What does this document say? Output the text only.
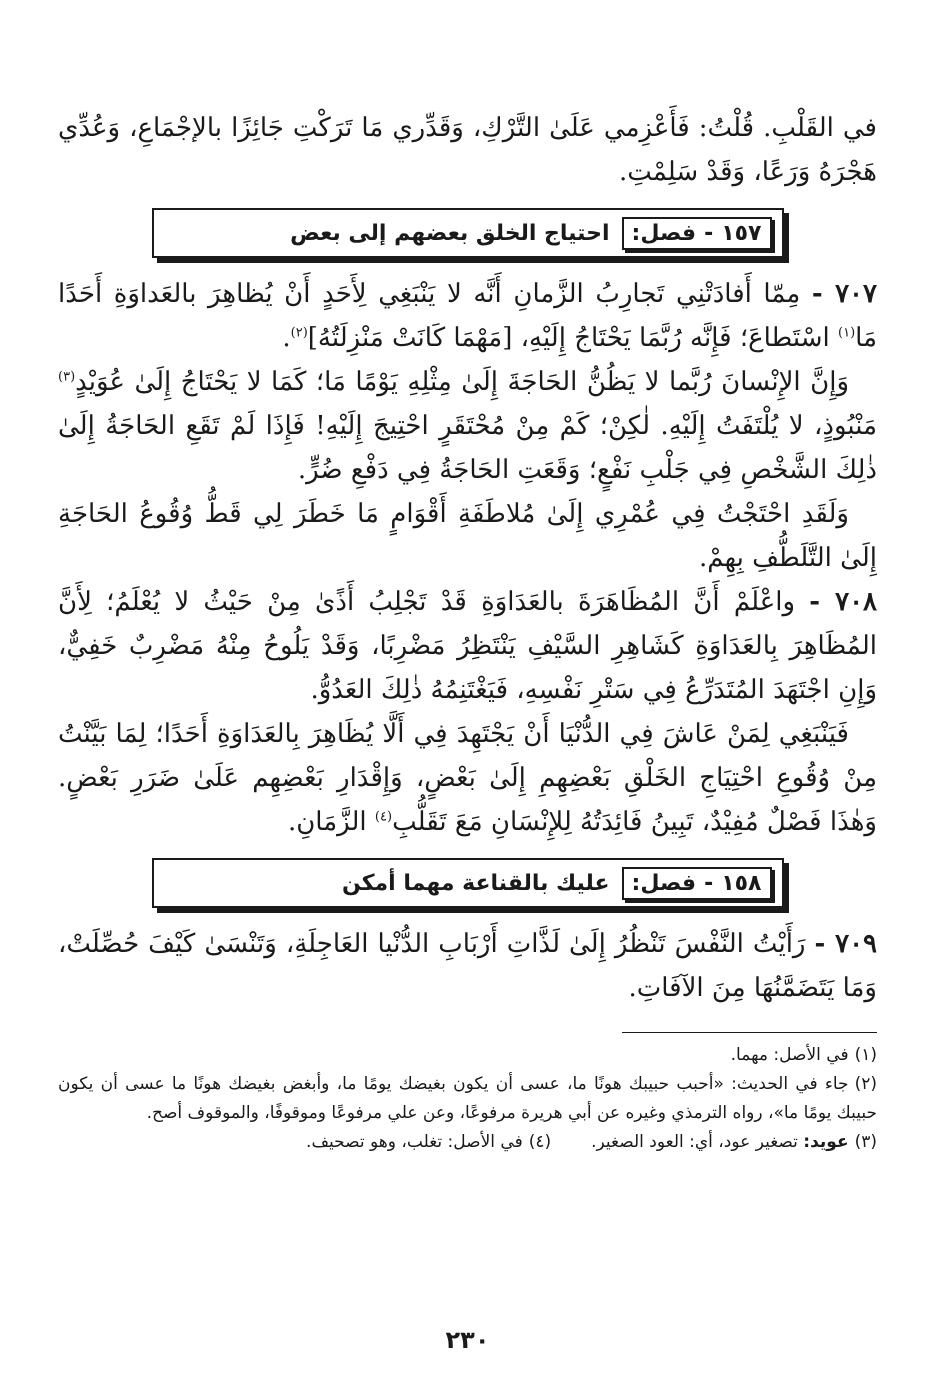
في القَلْبِ. قُلْتُ: فَأَعْزِمي عَلَىٰ التَّرْكِ، وَقَدِّري مَا تَرَكْتِ جَائِزًا بالإجْمَاعِ، وَعُدِّي هَجْرَهُ وَرَعًا، وَقَدْ سَلِمْتِ.

١٥٧
-
فصل:
احتياج الخلق بعضهم إلى بعض

٧٠٧ - مِمّا أَفادَتْنِي تَجارِبُ الزَّمانِ أَنَّه لا يَنْبَغِي لِأَحَدٍ أَنْ يُظاهِرَ بالعَداوَةِ أَحَدًا مَا$^{(١)}$ اسْتَطاعَ؛ فَإِنَّه رُبَّمَا يَحْتَاجُ إِلَيْهِ، [مَهْمَا كَانَتْ مَنْزِلَتُهُ]$^{(٢)}$.

وَإِنَّ الإِنْسانَ رُبَّما لا يَظُنُّ الحَاجَةَ إِلَىٰ مِثْلِهِ يَوْمًا مَا؛ كَمَا لا يَحْتَاجُ إِلَىٰ عُوَيْدٍ$^{(٣)}$ مَنْبُوذٍ، لا يُلْتَفَتُ إِلَيْهِ. لٰكِنْ؛ كَمْ مِنْ مُحْتَقَرٍ احْتِيجَ إِلَيْهِ! فَإِذَا لَمْ تَقَعِ الحَاجَةُ إِلَىٰ ذٰلِكَ الشَّخْصِ فِي جَلْبِ نَفْعٍ؛ وَقَعَتِ الحَاجَةُ فِي دَفْعِ ضُرٍّ.

وَلَقَدِ احْتَجْتُ فِي عُمْرِي إِلَىٰ مُلاطَفَةِ أَقْوَامٍ مَا خَطَرَ لِي قَطُّ وُقُوعُ الحَاجَةِ إِلَىٰ التَّلَطُّفِ بِهِمْ.

٧٠٨ - واعْلَمْ أَنَّ المُظَاهَرَةَ بالعَدَاوَةِ قَدْ تَجْلِبُ أَذًىٰ مِنْ حَيْثُ لا يُعْلَمُ؛ لِأَنَّ المُظَاهِرَ بِالعَدَاوَةِ كَشَاهِرِ السَّيْفِ يَنْتَظِرُ مَضْرِبًا، وَقَدْ يَلُوحُ مِنْهُ مَضْرِبٌ خَفِيٌّ، وَإِنِ اجْتَهَدَ المُتَدَرِّعُ فِي سَتْرِ نَفْسِهِ، فَيَغْتَنِمُهُ ذٰلِكَ العَدُوُّ.

فَيَنْبَغِي لِمَنْ عَاشَ فِي الدُّنْيَا أَنْ يَجْتَهِدَ فِي أَلَّا يُظَاهِرَ بِالعَدَاوَةِ أَحَدًا؛ لِمَا بَيَّنْتُ مِنْ وُقُوعِ احْتِيَاجِ الخَلْقِ بَعْضِهِمِ إِلَىٰ بَعْضٍ، وَإِقْدَارِ بَعْضِهِم عَلَىٰ ضَرَرِ بَعْضٍ. وَهٰذَا فَصْلٌ مُفِيْدٌ، تَبِينُ فَائِدَتُهُ لِلإِنْسَانِ مَعَ تَقَلُّبِ$^{(٤)}$ الزَّمَانِ.

١٥٨
-
فصل:
عليك بالقناعة مهما أمكن

٧٠٩ - رَأَيْتُ النَّفْسَ تَنْظُرُ إِلَىٰ لَذَّاتِ أَرْبَابِ الدُّنْيا العَاجِلَةِ، وَتَنْسَىٰ كَيْفَ حُصِّلَتْ، وَمَا يَتَضَمَّنُهَا مِنَ الآفَاتِ.

(١)في الأصل: مهما.

(٢)جاء في الحديث: «أحبب حبيبك هونًا ما، عسى أن يكون بغيضك يومًا ما، وأبغض بغيضك هونًا ما عسى أن يكون حبيبك يومًا ما»، رواه الترمذي وغيره عن أبي هريرة مرفوعًا، وعن علي مرفوعًا وموقوفًا، والموقوف أصح.

(٣)عويد: تصغير عود، أي: العود الصغير.

(٤)في الأصل: تغلب، وهو تصحيف.

٢٣٠
